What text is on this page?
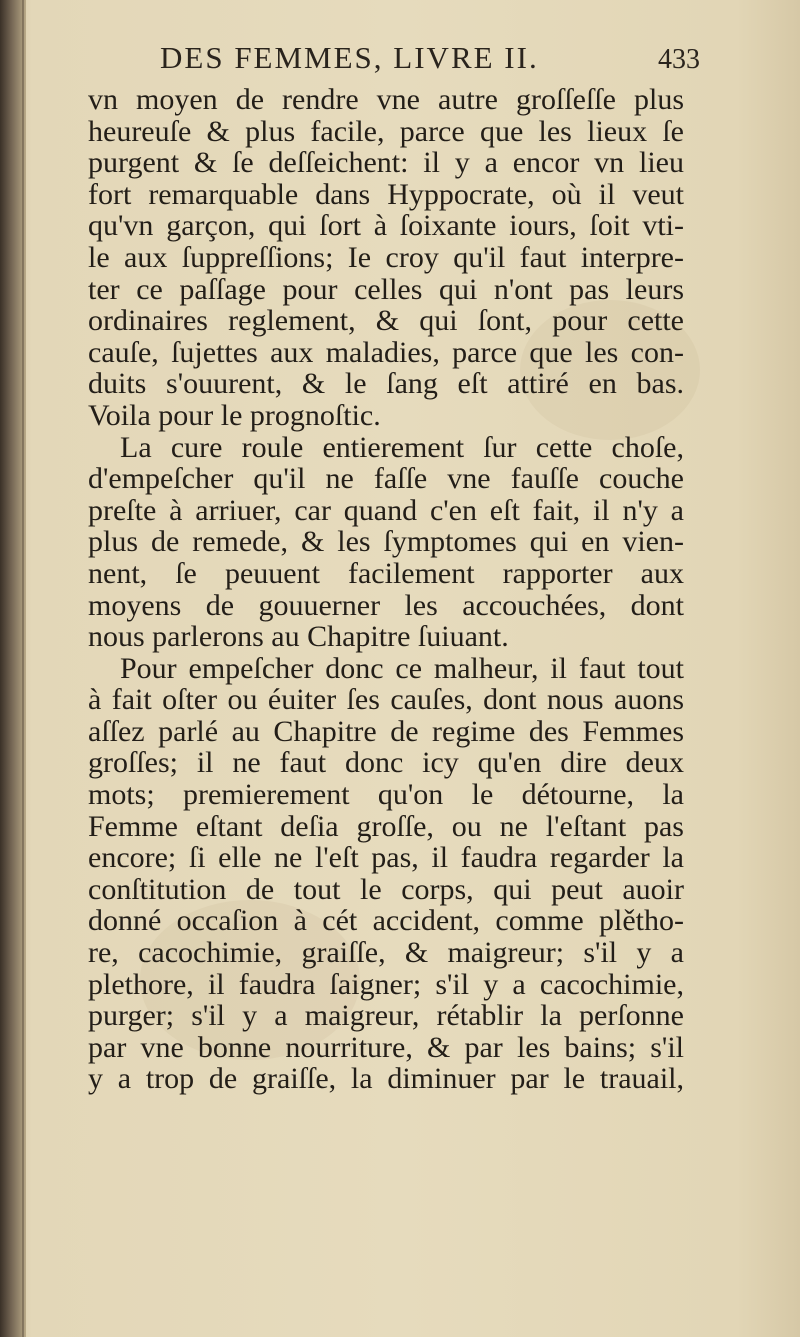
DES FEMMES, LIVRE II.	433
vn moyen de rendre vne autre groſſeſſe plus
heureuſe & plus facile, parce que les lieux ſe
purgent & ſe deſſeichent: il y a encor vn lieu
fort remarquable dans Hyppocrate, où il veut
qu'vn garçon, qui ſort à ſoixante iours, ſoit vti-
le aux ſuppreſſions; Ie croy qu'il faut interpre-
ter ce paſſage pour celles qui n'ont pas leurs
ordinaires reglement, & qui ſont, pour cette
cauſe, ſujettes aux maladies, parce que les con-
duits s'ouurent, & le ſang eſt attiré en bas.
Voila pour le prognoſtic.
La cure roule entierement ſur cette choſe,
d'empeſcher qu'il ne faſſe vne fauſſe couche
preſte à arriuer, car quand c'en eſt fait, il n'y a
plus de remede, & les ſymptomes qui en vien-
nent, ſe peuuent facilement rapporter aux
moyens de gouuerner les accouchées, dont
nous parlerons au Chapitre ſuiuant.
Pour empeſcher donc ce malheur, il faut tout
à fait oſter ou éuiter ſes cauſes, dont nous auons
aſſez parlé au Chapitre de regime des Femmes
groſſes; il ne faut donc icy qu'en dire deux
mots; premierement qu'on le détourne, la
Femme eſtant deſia groſſe, ou ne l'eſtant pas
encore; ſi elle ne l'eſt pas, il faudra regarder la
conſtitution de tout le corps, qui peut auoir
donné occaſion à cét accident, comme plětho-
re, cacochimie, graiſſe, & maigreur; s'il y a
plethore, il faudra ſaigner; s'il y a cacochimie,
purger; s'il y a maigreur, rétablir la perſonne
par vne bonne nourriture, & par les bains; s'il
y a trop de graiſſe, la diminuer par le trauail,
